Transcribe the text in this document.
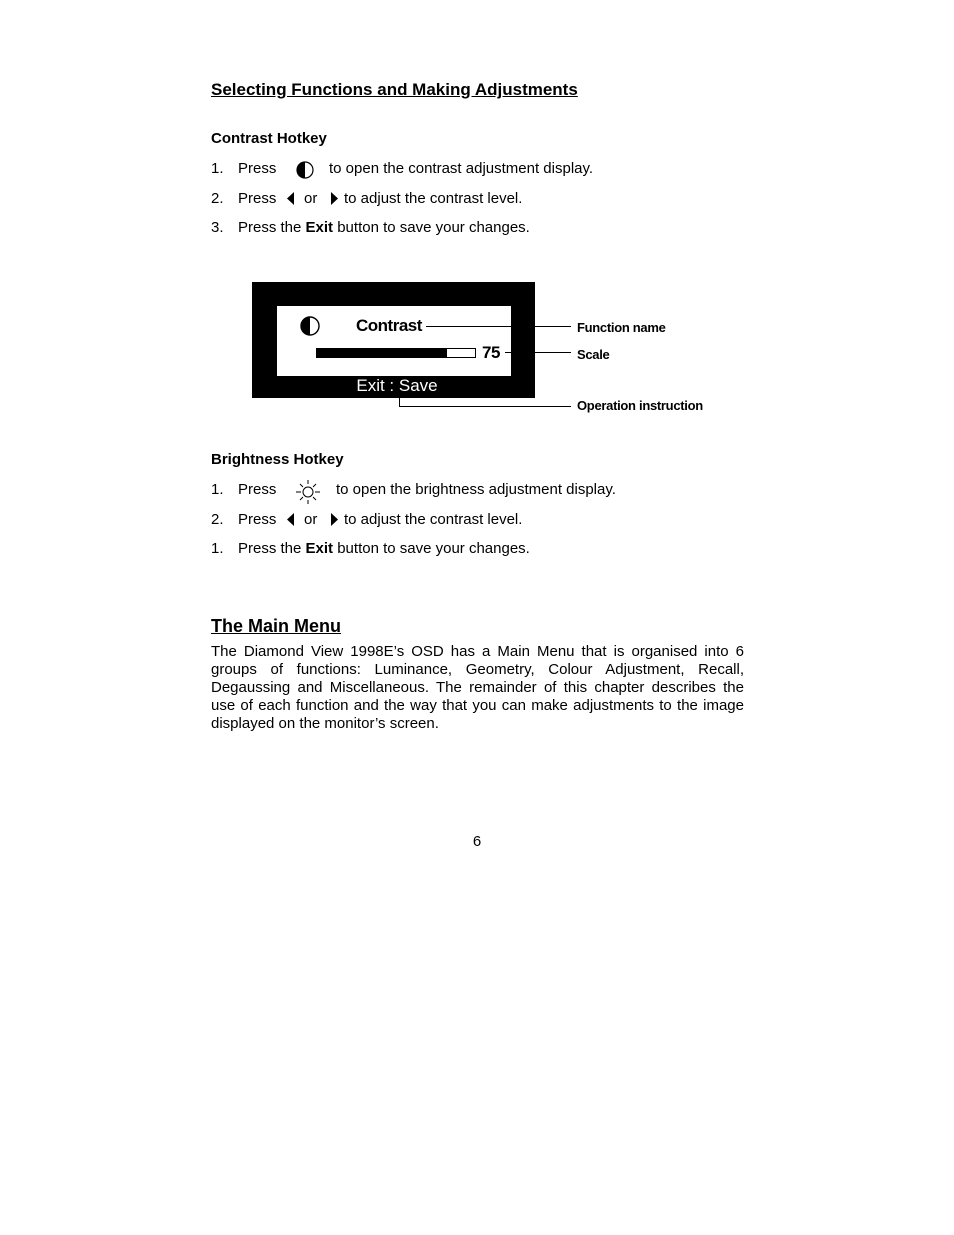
Selecting Functions and Making Adjustments
Contrast Hotkey
1. Press	to open the contrast adjustment display.
2. Press or to adjust the contrast level.
3. Press the Exit button to save your changes.
Contrast
75
Exit : Save
Function name
Scale
Operation instruction
Brightness Hotkey
1. Press	to open the brightness adjustment display.
2. Press or to adjust the contrast level.
1. Press the Exit button to save your changes.
The Main Menu
The Diamond View 1998E’s OSD has a Main Menu that is organised into 6 groups of functions: Luminance, Geometry, Colour Adjustment, Recall, Degaussing and Miscellaneous. The remainder of this chapter describes the use of each function and the way that you can make adjustments to the image displayed on the monitor’s screen.
6
